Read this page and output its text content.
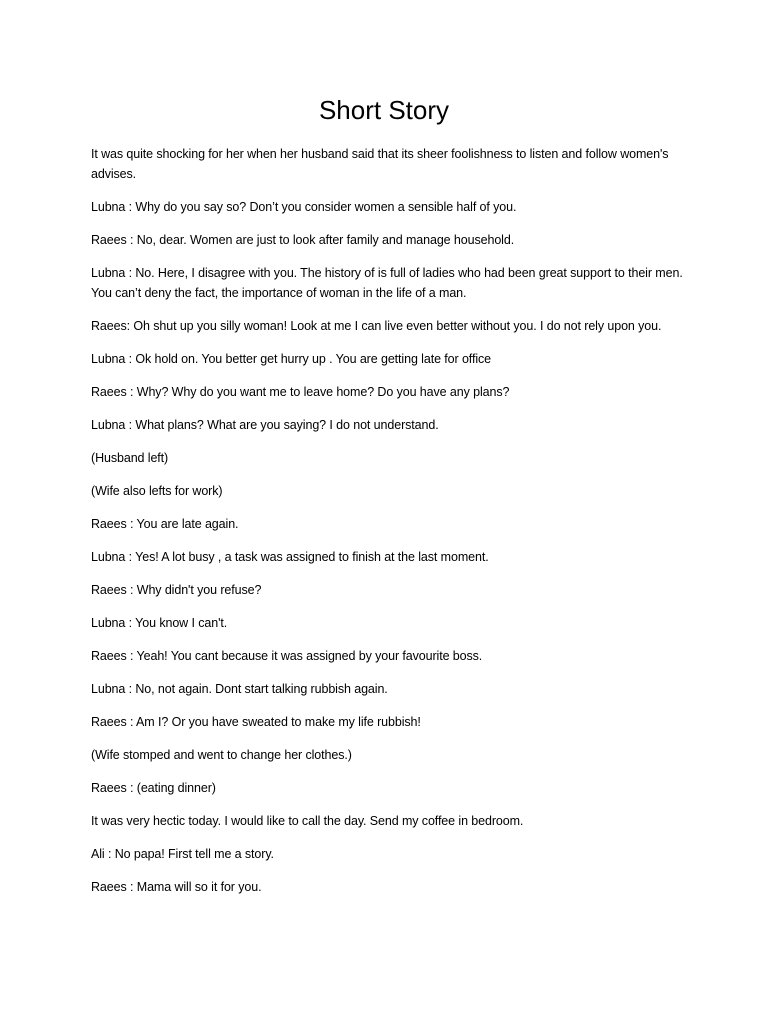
Short Story

It was quite shocking for her when her husband said that its sheer foolishness to listen and follow women's advises.

Lubna : Why do you say so? Don’t you consider women a sensible half of you.

Raees : No, dear. Women are just to look after family and manage household.

Lubna : No. Here, I disagree with you. The history of is full of ladies who had been great support to their men. You can’t deny the fact, the importance of woman in the life of a man.

Raees: Oh shut up you silly woman! Look at me I can live even better without you. I do not rely upon you.

Lubna : Ok hold on. You better get hurry up . You are getting late for office

Raees : Why? Why do you want me to leave home? Do you have any plans?

Lubna : What plans? What are you saying? I do not understand.

(Husband left)

(Wife also lefts for work)

Raees : You are late again.

Lubna : Yes! A lot busy , a task was assigned to finish at the last moment.

Raees : Why didn't you refuse?

Lubna : You know I can't.

Raees : Yeah! You cant because it was assigned by your favourite boss.

Lubna : No, not again. Dont start talking rubbish again.

Raees : Am I? Or you have sweated to make my life rubbish!

(Wife stomped and went to change her clothes.)

Raees : (eating dinner)

It was very hectic today. I would like to call the day. Send my coffee in bedroom.

Ali : No papa! First tell me a story.

Raees : Mama will so it for you.
